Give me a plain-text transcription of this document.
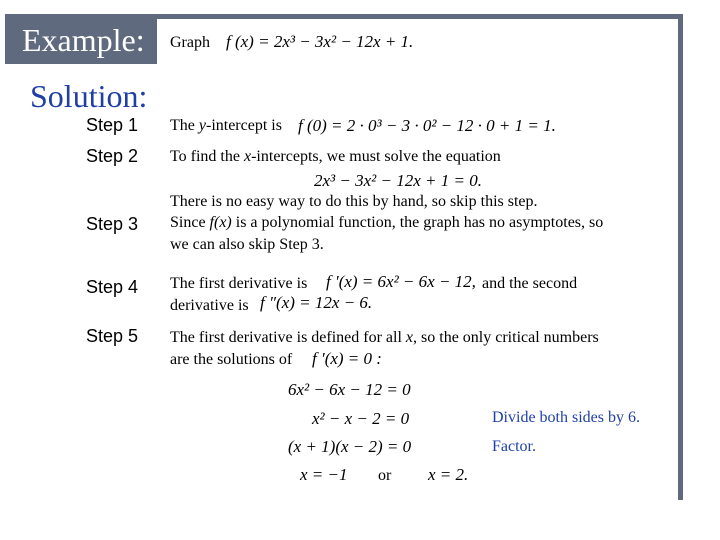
Example: Graph f (x) = 2x³ − 3x² − 12x + 1.
Solution:
Step 1 The y-intercept is f (0) = 2 · 0³ − 3 · 0² − 12 · 0 + 1 = 1.
Step 2 To find the x-intercepts, we must solve the equation
2x³ − 3x² − 12x + 1 = 0.
Step 3
There is no easy way to do this by hand, so skip this step.
Since f(x) is a polynomial function, the graph has no asymptotes, so
we can also skip Step 3.
Step 4 The first derivative is f ′(x) = 6x² − 6x − 12, and the second
derivative is f ″(x) = 12x − 6.
Step 5 The first derivative is defined for all x, so the only critical numbers
are the solutions of f ′(x) = 0 :
6x² − 6x − 12 = 0
x² − x − 2 = 0	Divide both sides by 6.
(x + 1)(x − 2) = 0	Factor.
x = −1 or x = 2.
